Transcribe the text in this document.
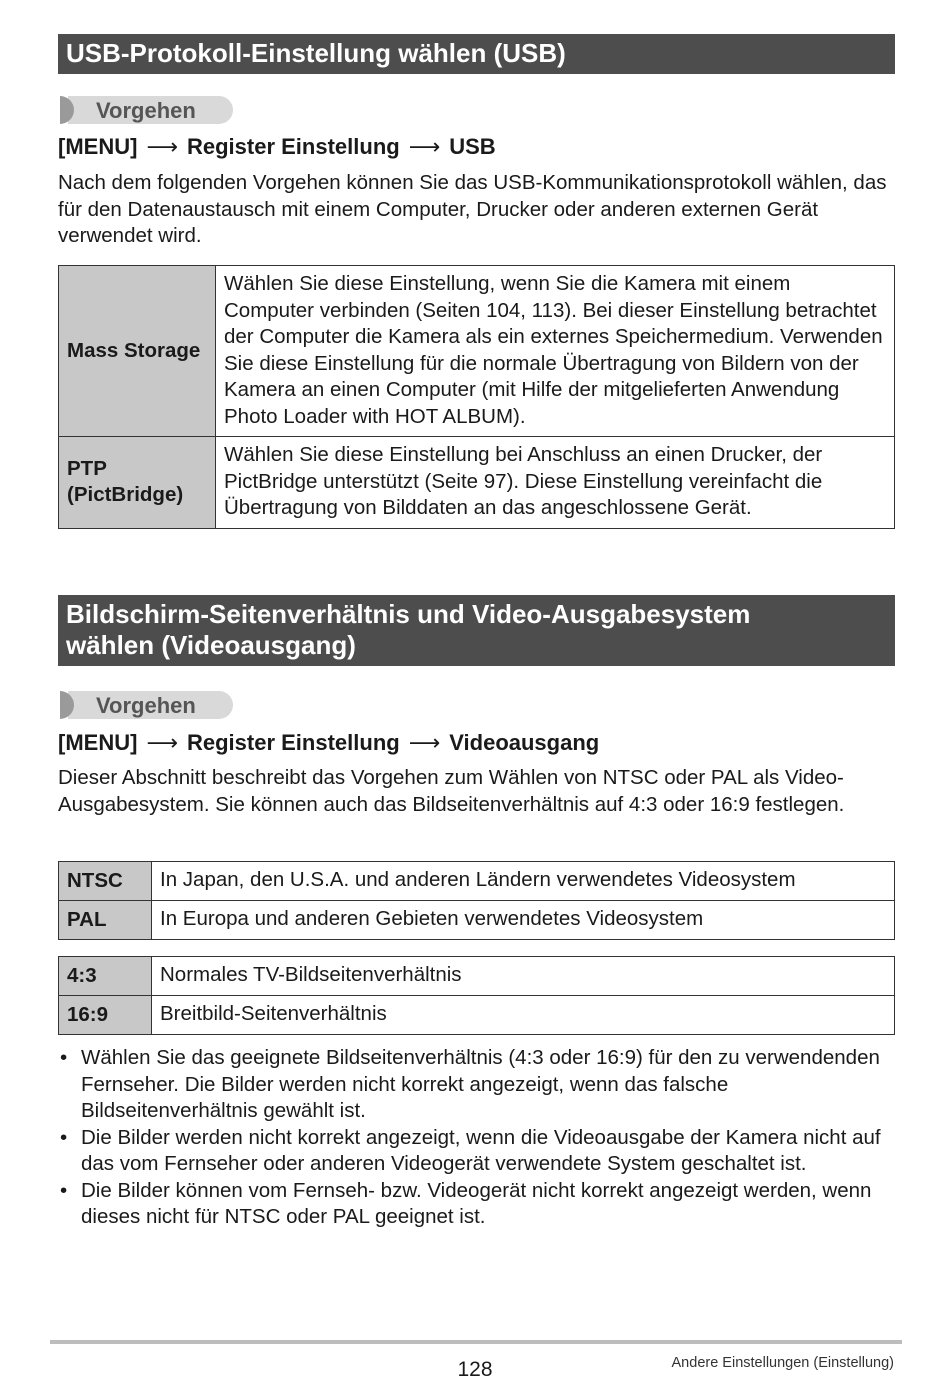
USB-Protokoll-Einstellung wählen (USB)
Vorgehen
[MENU] ⟶ Register Einstellung ⟶ USB
Nach dem folgenden Vorgehen können Sie das USB-Kommunikationsprotokoll wählen, das für den Datenaustausch mit einem Computer, Drucker oder anderen externen Gerät verwendet wird.
Mass Storage	Wählen Sie diese Einstellung, wenn Sie die Kamera mit einem Computer verbinden (Seiten 104, 113). Bei dieser Einstellung betrachtet der Computer die Kamera als ein externes Speichermedium. Verwenden Sie diese Einstellung für die normale Übertragung von Bildern von der Kamera an einen Computer (mit Hilfe der mitgelieferten Anwendung Photo Loader with HOT ALBUM).
PTP (PictBridge)	Wählen Sie diese Einstellung bei Anschluss an einen Drucker, der PictBridge unterstützt (Seite 97). Diese Einstellung vereinfacht die Übertragung von Bilddaten an das angeschlossene Gerät.
Bildschirm-Seitenverhältnis und Video-Ausgabesystem
wählen (Videoausgang)
Vorgehen
[MENU] ⟶ Register Einstellung ⟶ Videoausgang
Dieser Abschnitt beschreibt das Vorgehen zum Wählen von NTSC oder PAL als Video-Ausgabesystem. Sie können auch das Bildseitenverhältnis auf 4:3 oder 16:9 festlegen.
NTSC	In Japan, den U.S.A. und anderen Ländern verwendetes Videosystem
PAL	In Europa und anderen Gebieten verwendetes Videosystem
4:3	Normales TV-Bildseitenverhältnis
16:9	Breitbild-Seitenverhältnis
• Wählen Sie das geeignete Bildseitenverhältnis (4:3 oder 16:9) für den zu verwendenden Fernseher. Die Bilder werden nicht korrekt angezeigt, wenn das falsche Bildseitenverhältnis gewählt ist.
• Die Bilder werden nicht korrekt angezeigt, wenn die Videoausgabe der Kamera nicht auf das vom Fernseher oder anderen Videogerät verwendete System geschaltet ist.
• Die Bilder können vom Fernseh- bzw. Videogerät nicht korrekt angezeigt werden, wenn dieses nicht für NTSC oder PAL geeignet ist.
128	Andere Einstellungen (Einstellung)
